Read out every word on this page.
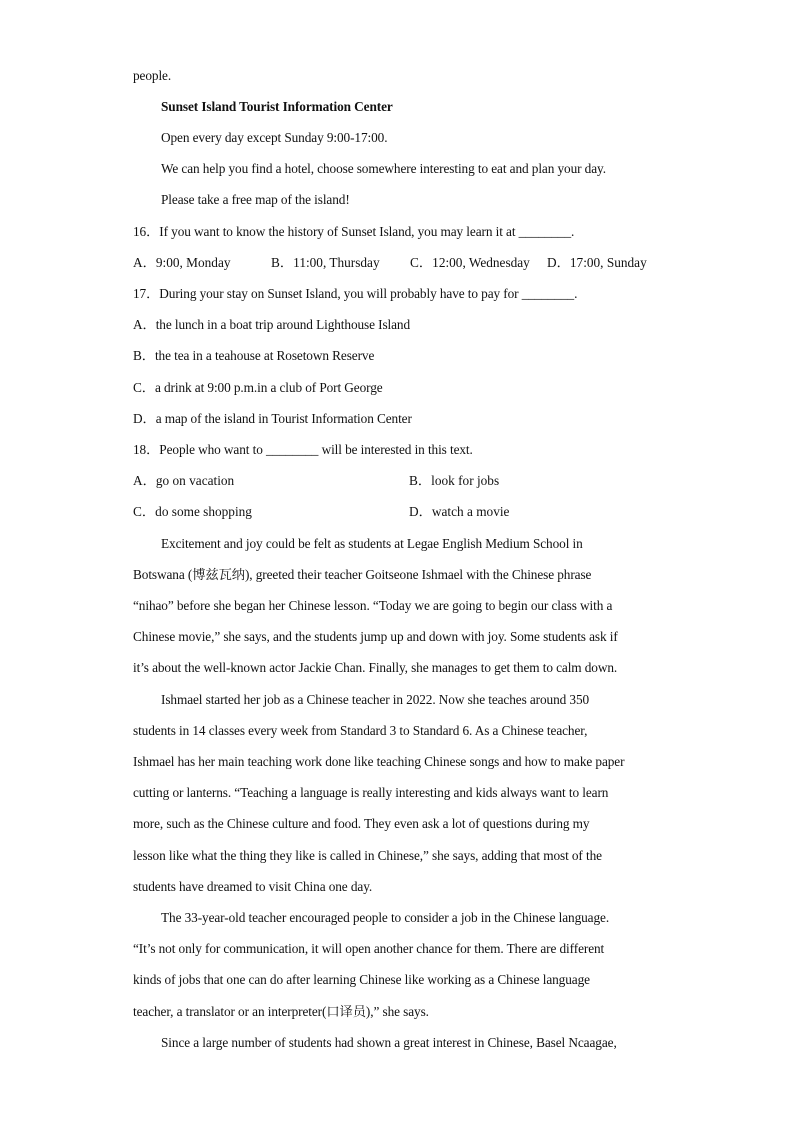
people.
Sunset Island Tourist Information Center
Open every day except Sunday 9:00-17:00.
We can help you find a hotel, choose somewhere interesting to eat and plan your day.
Please take a free map of the island!
16．If you want to know the history of Sunset Island, you may learn it at ________.
A．9:00, Monday	B．11:00, Thursday C．12:00, Wednesday D．17:00, Sunday
17．During your stay on Sunset Island, you will probably have to pay for ________.
A．the lunch in a boat trip around Lighthouse Island
B．the tea in a teahouse at Rosetown Reserve
C．a drink at 9:00 p.m.in a club of Port George
D．a map of the island in Tourist Information Center
18．People who want to ________ will be interested in this text.
A．go on vacation	B．look for jobs
C．do some shopping	D．watch a movie
Excitement and joy could be felt as students at Legae English Medium School in
Botswana (博兹瓦纳), greeted their teacher Goitseone Ishmael with the Chinese phrase
“nihao” before she began her Chinese lesson. “Today we are going to begin our class with a
Chinese movie,” she says, and the students jump up and down with joy. Some students ask if
it’s about the well-known actor Jackie Chan. Finally, she manages to get them to calm down.
Ishmael started her job as a Chinese teacher in 2022. Now she teaches around 350
students in 14 classes every week from Standard 3 to Standard 6. As a Chinese teacher,
Ishmael has her main teaching work done like teaching Chinese songs and how to make paper
cutting or lanterns. “Teaching a language is really interesting and kids always want to learn
more, such as the Chinese culture and food. They even ask a lot of questions during my
lesson like what the thing they like is called in Chinese,” she says, adding that most of the
students have dreamed to visit China one day.
The 33-year-old teacher encouraged people to consider a job in the Chinese language.
“It’s not only for communication, it will open another chance for them. There are different
kinds of jobs that one can do after learning Chinese like working as a Chinese language
teacher, a translator or an interpreter(口译员),” she says.
Since a large number of students had shown a great interest in Chinese, Basel Ncaagae,
